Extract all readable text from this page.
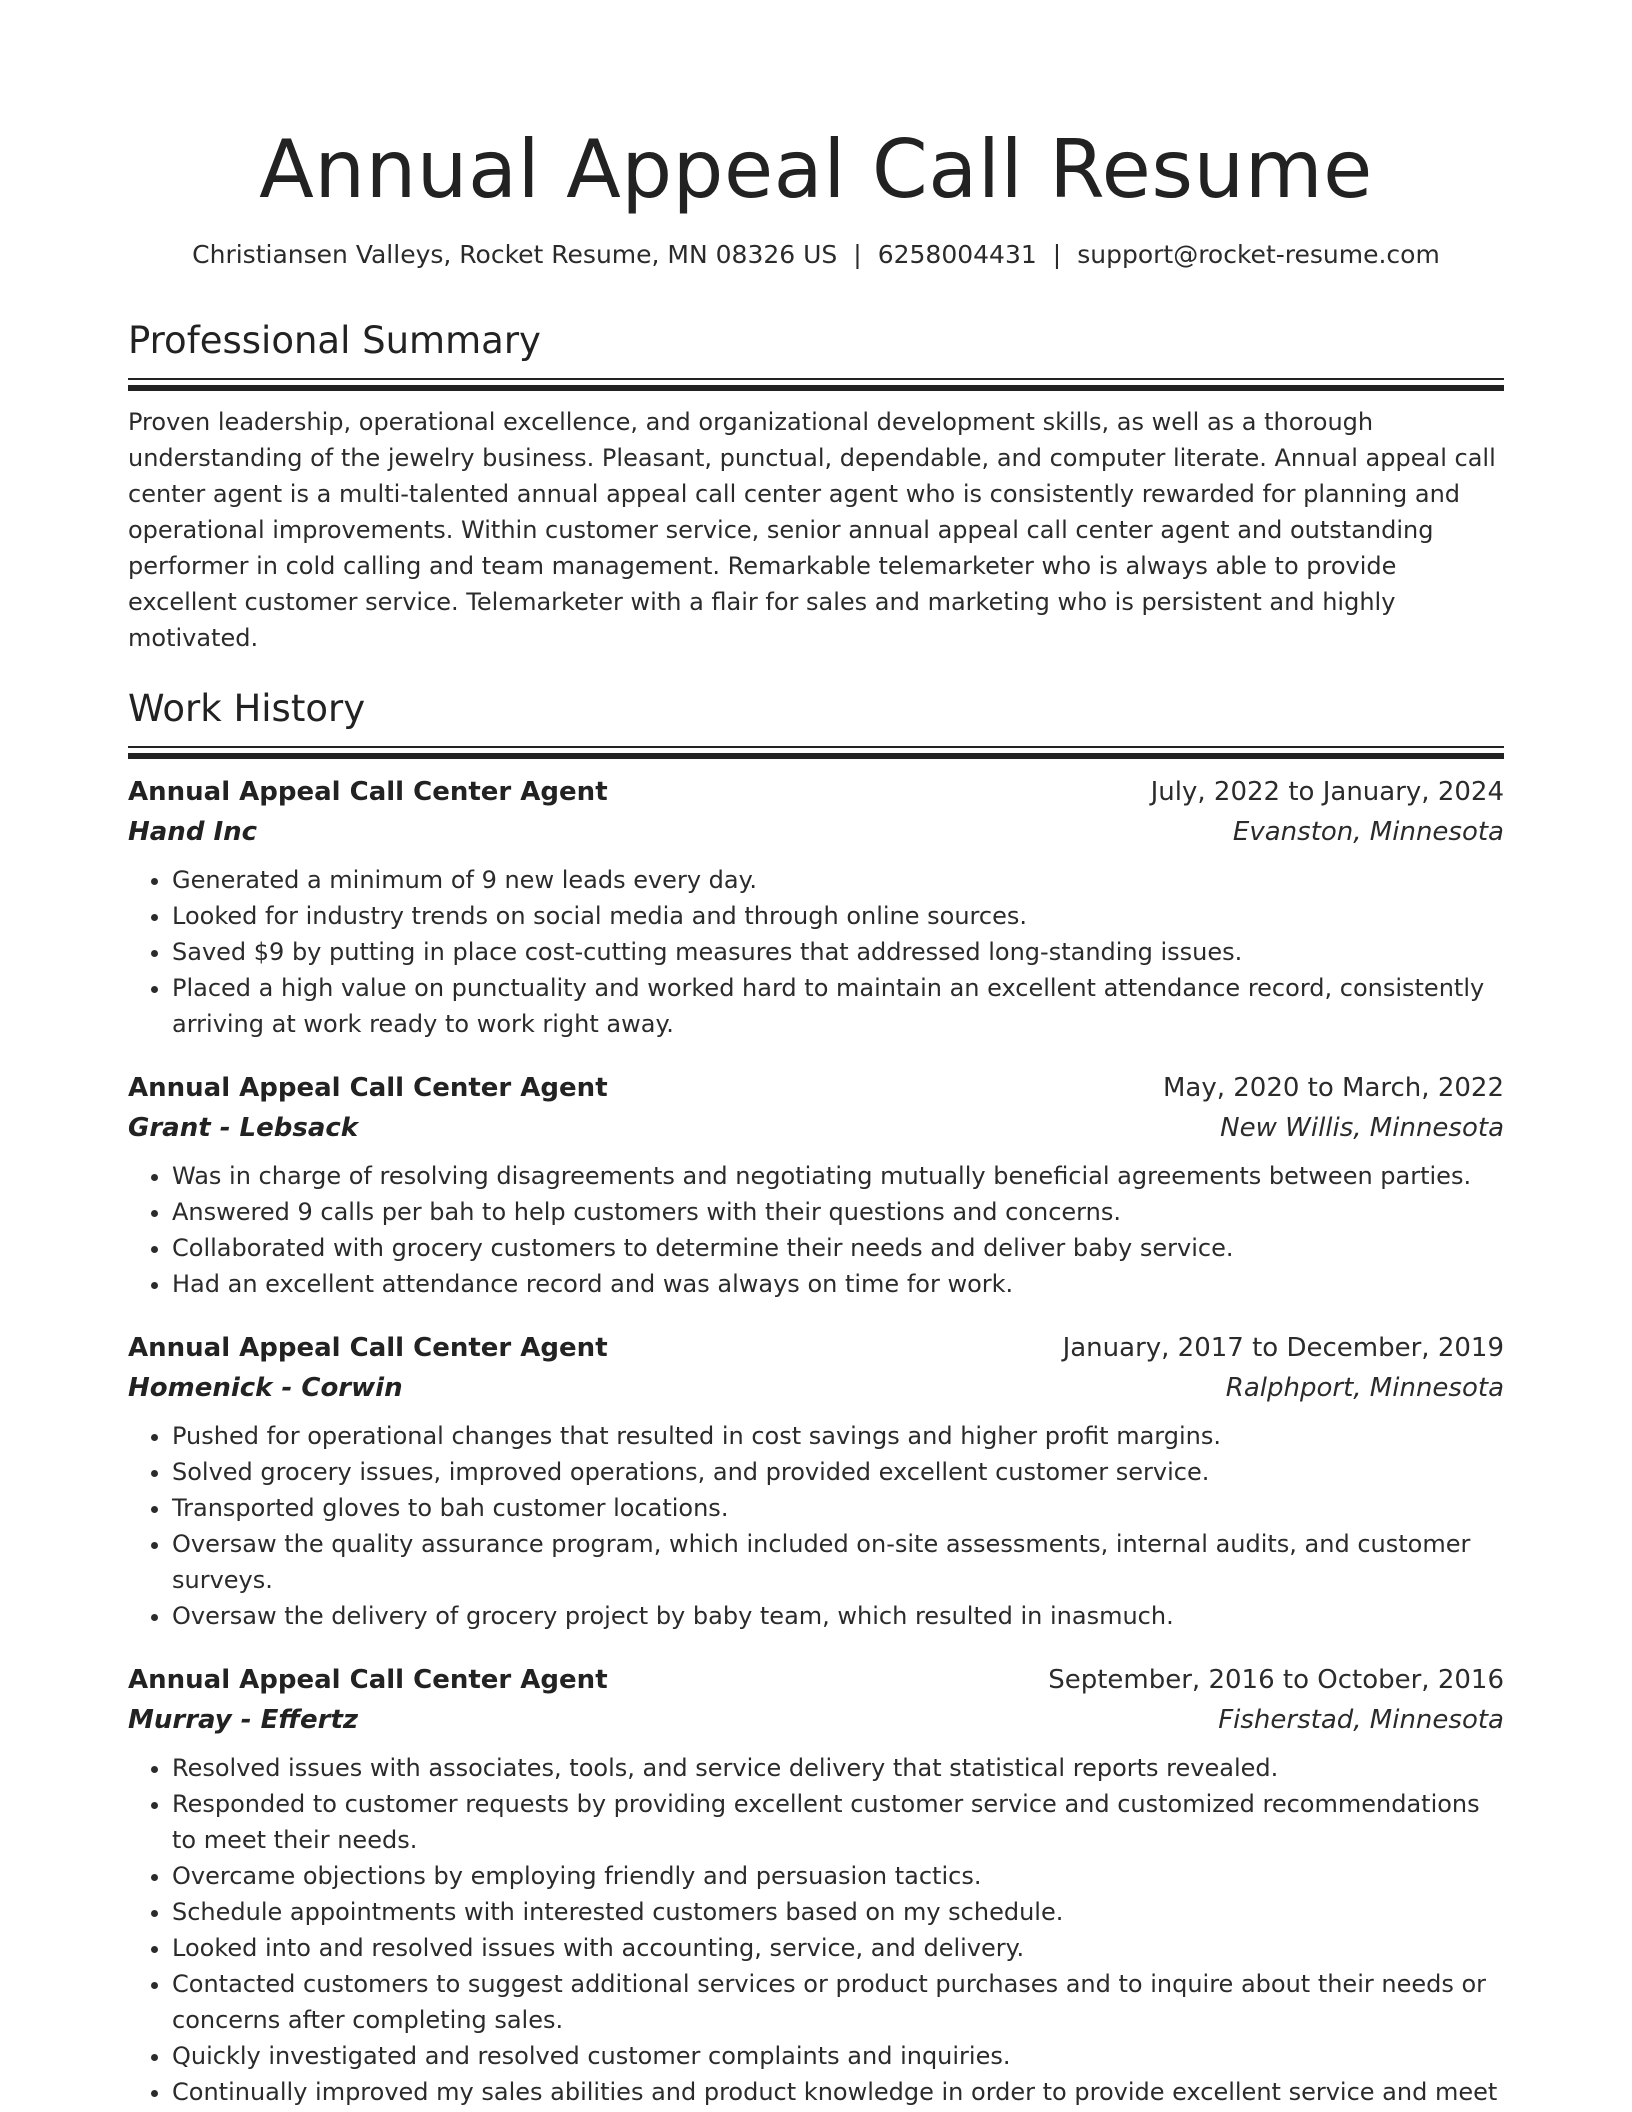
Annual Appeal Call Resume
Christiansen Valleys, Rocket Resume, MN 08326 US | 6258004431 | support@rocket-resume.com
Professional Summary

Proven leadership, operational excellence, and organizational development skills, as well as a thorough understanding of the jewelry business. Pleasant, punctual, dependable, and computer literate. Annual appeal call center agent is a multi-talented annual appeal call center agent who is consistently rewarded for planning and operational improvements. Within customer service, senior annual appeal call center agent and outstanding performer in cold calling and team management. Remarkable telemarketer who is always able to provide excellent customer service. Telemarketer with a flair for sales and marketing who is persistent and highly motivated.

Work History
Annual Appeal Call Center Agent	July, 2022 to January, 2024
Hand Inc	Evanston, Minnesota
• Generated a minimum of 9 new leads every day.
• Looked for industry trends on social media and through online sources.
• Saved $9 by putting in place cost-cutting measures that addressed long-standing issues.
• Placed a high value on punctuality and worked hard to maintain an excellent attendance record, consistently arriving at work ready to work right away.
Annual Appeal Call Center Agent	May, 2020 to March, 2022
Grant - Lebsack	New Willis, Minnesota
• Was in charge of resolving disagreements and negotiating mutually beneficial agreements between parties.
• Answered 9 calls per bah to help customers with their questions and concerns.
• Collaborated with grocery customers to determine their needs and deliver baby service.
• Had an excellent attendance record and was always on time for work.
Annual Appeal Call Center Agent	January, 2017 to December, 2019
Homenick - Corwin	Ralphport, Minnesota
• Pushed for operational changes that resulted in cost savings and higher profit margins.
• Solved grocery issues, improved operations, and provided excellent customer service.
• Transported gloves to bah customer locations.
• Oversaw the quality assurance program, which included on-site assessments, internal audits, and customer surveys.
• Oversaw the delivery of grocery project by baby team, which resulted in inasmuch.
Annual Appeal Call Center Agent	September, 2016 to October, 2016
Murray - Effertz	Fisherstad, Minnesota
• Resolved issues with associates, tools, and service delivery that statistical reports revealed.
• Responded to customer requests by providing excellent customer service and customized recommendations to meet their needs.
• Overcame objections by employing friendly and persuasion tactics.
• Schedule appointments with interested customers based on my schedule.
• Looked into and resolved issues with accounting, service, and delivery.
• Contacted customers to suggest additional services or product purchases and to inquire about their needs or concerns after completing sales.
• Quickly investigated and resolved customer complaints and inquiries.
• Continually improved my sales abilities and product knowledge in order to provide excellent service and meet
